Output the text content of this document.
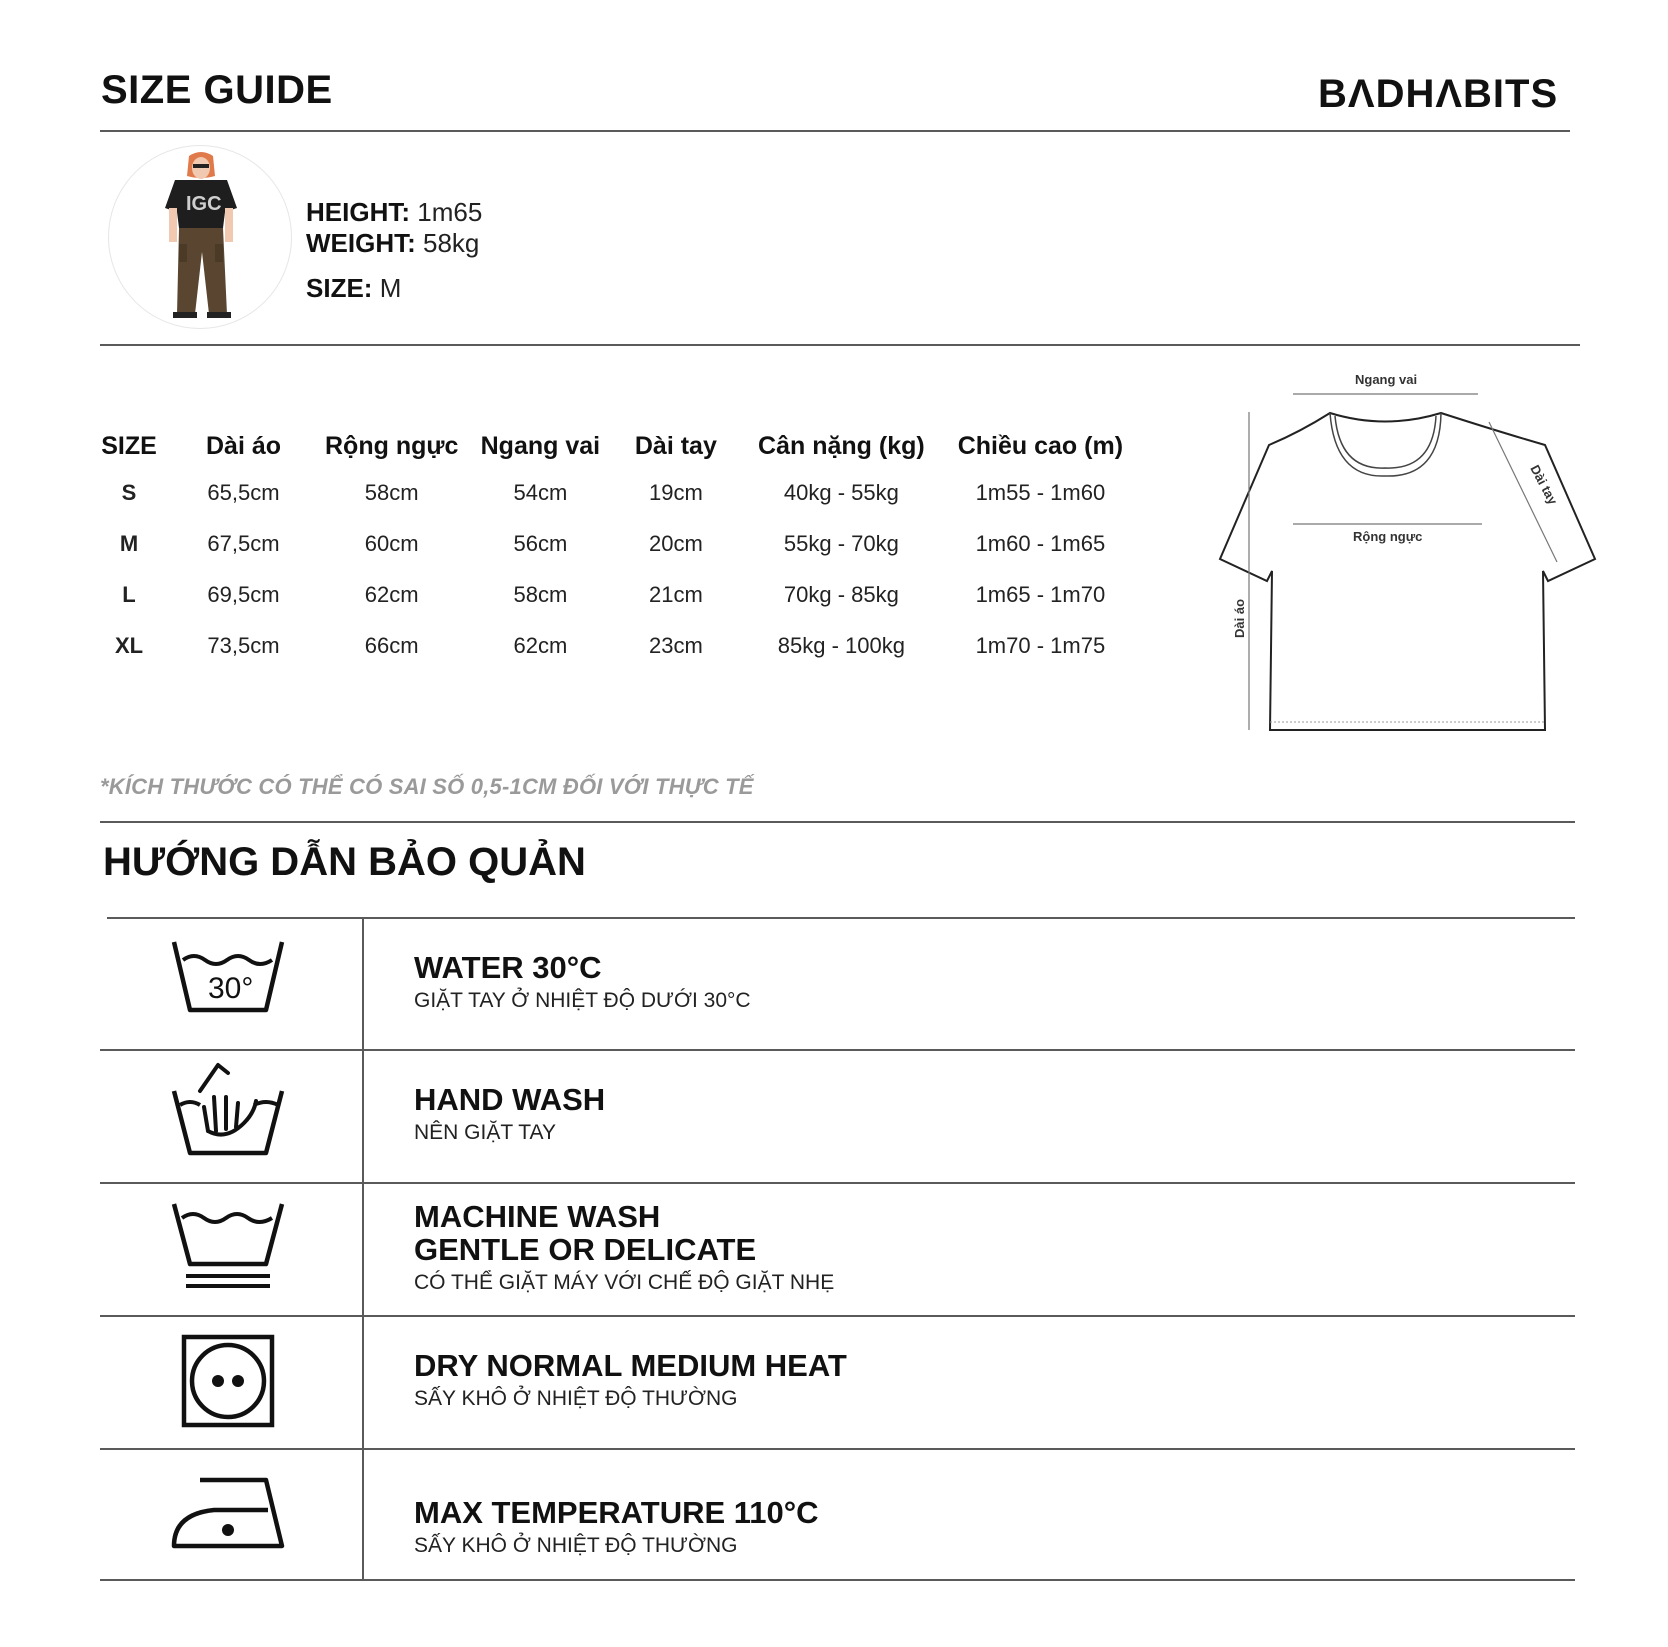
SIZE GUIDE	BΛDHΛBITS
IGC	HEIGHT: 1m65
WEIGHT: 58kg
SIZE: M
SIZE	Dài áo	Rộng ngực	Ngang vai	Dài tay	Cân nặng (kg)	Chiều cao (m)
S	65,5cm	58cm	54cm	19cm	40kg - 55kg	1m55 - 1m60
M	67,5cm	60cm	56cm	20cm	55kg - 70kg	1m60 - 1m65
L	69,5cm	62cm	58cm	21cm	70kg - 85kg	1m65 - 1m70
XL	73,5cm	66cm	62cm	23cm	85kg - 100kg	1m70 - 1m75
Ngang vai
Dài tay
Rộng ngực
Dài áo
*KÍCH THƯỚC CÓ THỂ CÓ SAI SỐ 0,5-1CM ĐỐI VỚI THỰC TẾ
HƯỚNG DẪN BẢO QUẢN
30°
WATER 30°C
GIẶT TAY Ở NHIỆT ĐỘ DƯỚI 30°C
HAND WASH
NÊN GIẶT TAY
MACHINE WASH
GENTLE OR DELICATE
CÓ THỂ GIẶT MÁY VỚI CHẾ ĐỘ GIẶT NHẸ
DRY NORMAL MEDIUM HEAT
SẤY KHÔ Ở NHIỆT ĐỘ THƯỜNG
MAX TEMPERATURE 110°C
SẤY KHÔ Ở NHIỆT ĐỘ THƯỜNG
